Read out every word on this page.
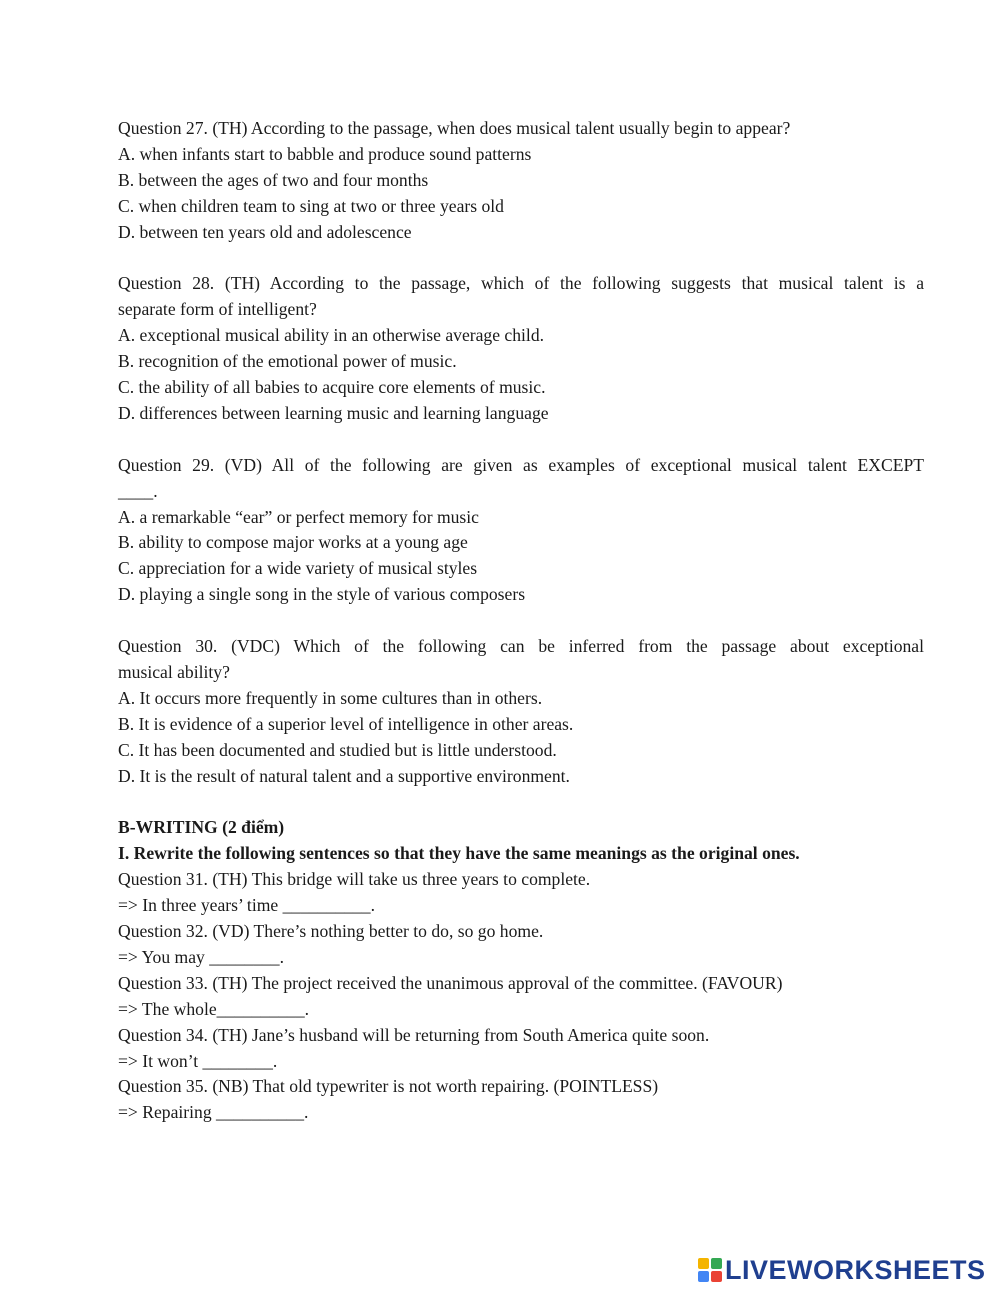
Question 27. (TH) According to the passage, when does musical talent usually begin to appear?
A. when infants start to babble and produce sound patterns
B. between the ages of two and four months
C. when children team to sing at two or three years old
D. between ten years old and adolescence
Question 28. (TH) According to the passage, which of the following suggests that musical talent is a
separate form of intelligent?
A. exceptional musical ability in an otherwise average child.
B. recognition of the emotional power of music.
C. the ability of all babies to acquire core elements of music.
D. differences between learning music and learning language
Question 29. (VD) All of the following are given as examples of exceptional musical talent EXCEPT
____.
A. a remarkable “ear” or perfect memory for music
B. ability to compose major works at a young age
C. appreciation for a wide variety of musical styles
D. playing a single song in the style of various composers
Question 30. (VDC) Which of the following can be inferred from the passage about exceptional
musical ability?
A. It occurs more frequently in some cultures than in others.
B. It is evidence of a superior level of intelligence in other areas.
C. It has been documented and studied but is little understood.
D. It is the result of natural talent and a supportive environment.
B-WRITING (2 điểm)
I. Rewrite the following sentences so that they have the same meanings as the original ones.
Question 31. (TH) This bridge will take us three years to complete.
=> In three years’ time __________.
Question 32. (VD) There’s nothing better to do, so go home.
=> You may ________.
Question 33. (TH) The project received the unanimous approval of the committee. (FAVOUR)
=> The whole__________.
Question 34. (TH) Jane’s husband will be returning from South America quite soon.
=> It won’t ________.
Question 35. (NB) That old typewriter is not worth repairing. (POINTLESS)
=> Repairing __________.
LIVEWORKSHEETS
